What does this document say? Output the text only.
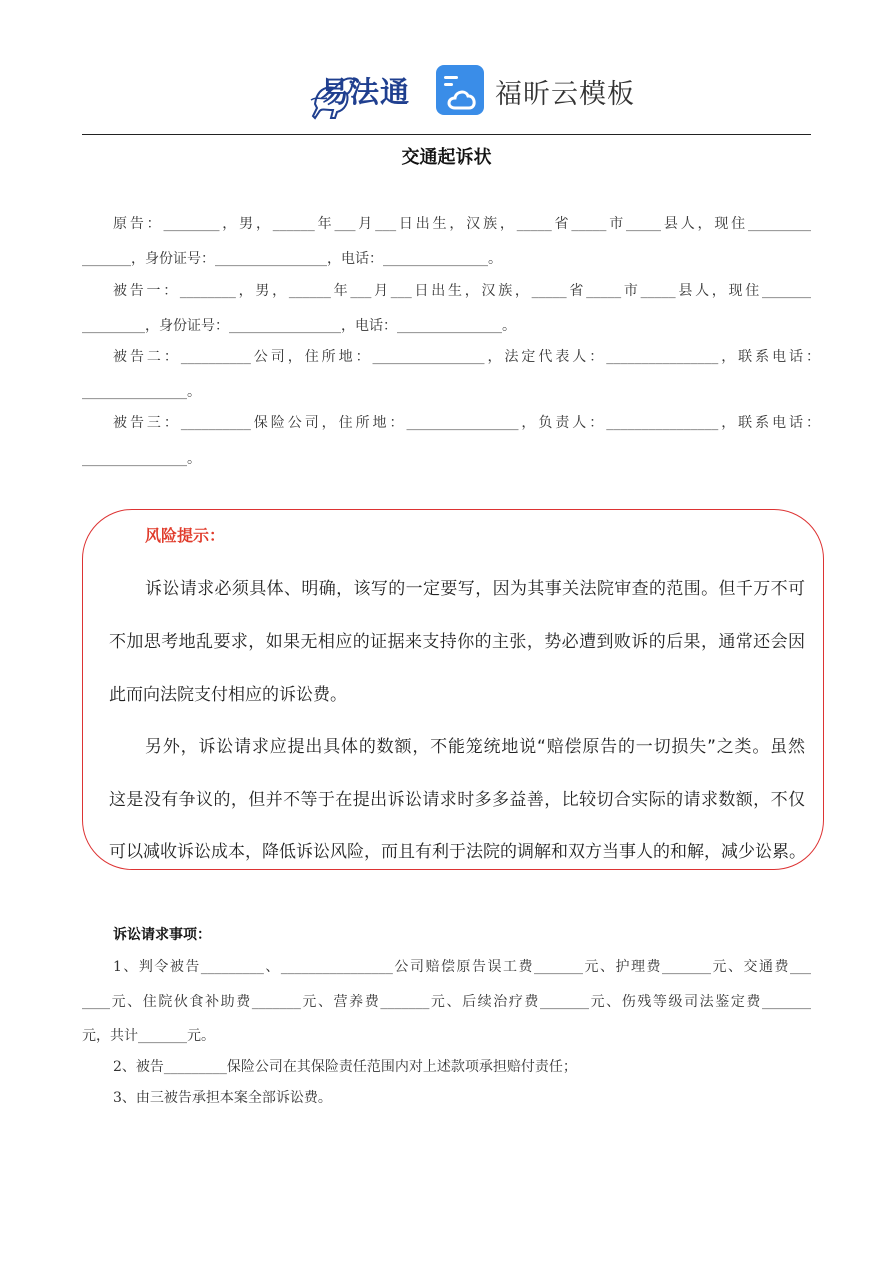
易法通	福昕云模板
交通起诉状
原告：________，男，______年___月___日出生，汉族，_____省_____市_____县人，现住_________
_______，身份证号：________________，电话：_______________。
被告一：________，男，______年___月___日出生，汉族，_____省_____市_____县人，现住_______
_________，身份证号：________________，电话：_______________。
被告二：__________公司，住所地：________________，法定代表人：________________，联系电话：
_______________。
被告三：__________保险公司，住所地：________________，负责人：________________，联系电话：
_______________。
风险提示：
诉讼请求必须具体、明确，该写的一定要写，因为其事关法院审查的范围。但千万不可
不加思考地乱要求，如果无相应的证据来支持你的主张，势必遭到败诉的后果，通常还会因
此而向法院支付相应的诉讼费。
另外，诉讼请求应提出具体的数额，不能笼统地说“赔偿原告的一切损失”之类。虽然
这是没有争议的，但并不等于在提出诉讼请求时多多益善，比较切合实际的请求数额，不仅
可以减收诉讼成本，降低诉讼风险，而且有利于法院的调解和双方当事人的和解，减少讼累。
诉讼请求事项：
1、判令被告_________、________________公司赔偿原告误工费_______元、护理费_______元、交通费___
____元、住院伙食补助费_______元、营养费_______元、后续治疗费_______元、伤残等级司法鉴定费_______
元，共计_______元。
2、被告_________保险公司在其保险责任范围内对上述款项承担赔付责任；
3、由三被告承担本案全部诉讼费。
